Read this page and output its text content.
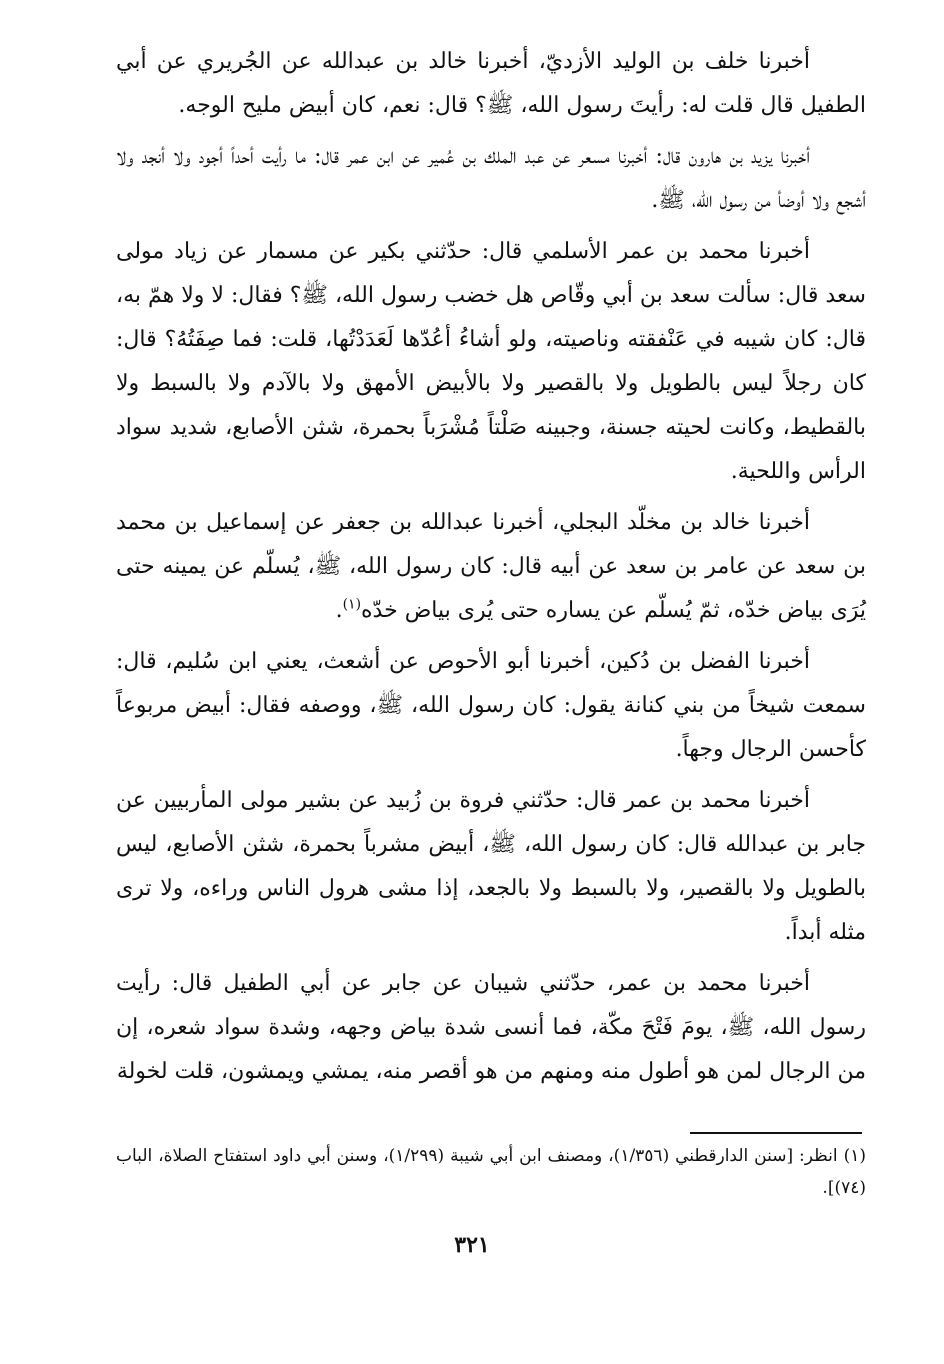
أخبرنا خلف بن الوليد الأزديّ، أخبرنا خالد بن عبدالله عن الجُريري عن أبي الطفيل قال قلت له: رأيتَ رسول الله، ﷺ؟ قال: نعم، كان أبيض مليح الوجه.

أخبرنا يزيد بن هارون قال: أخبرنا مسعر عن عبد الملك بن عُمير عن ابن عمر قال: ما رأيت أحداً أجود ولا أنجد ولا أشجع ولا أوضأ من رسول الله، ﷺ.

أخبرنا محمد بن عمر الأسلمي قال: حدّثني بكير عن مسمار عن زياد مولى سعد قال: سألت سعد بن أبي وقّاص هل خضب رسول الله، ﷺ؟ فقال: لا ولا همّ به، قال: كان شيبه في عَنْفقته وناصيته، ولو أشاءُ أعُدّها لَعَدَدْتُها، قلت: فما صِفَتُهُ؟ قال: كان رجلاً ليس بالطويل ولا بالقصير ولا بالأبيض الأمهق ولا بالآدم ولا بالسبط ولا بالقطيط، وكانت لحيته جسنة، وجبينه صَلْتاً مُشْرَباً بحمرة، شثن الأصابع، شديد سواد الرأس واللحية.

أخبرنا خالد بن مخلّد البجلي، أخبرنا عبدالله بن جعفر عن إسماعيل بن محمد بن سعد عن عامر بن سعد عن أبيه قال: كان رسول الله، ﷺ، يُسلّم عن يمينه حتى يُرَى بياض خدّه، ثمّ يُسلّم عن يساره حتى يُرى بياض خدّه$^{(١)}$.

أخبرنا الفضل بن دُكين، أخبرنا أبو الأحوص عن أشعث، يعني ابن سُليم، قال: سمعت شيخاً من بني كنانة يقول: كان رسول الله، ﷺ، ووصفه فقال: أبيض مربوعاً كأحسن الرجال وجهاً.

أخبرنا محمد بن عمر قال: حدّثني فروة بن زُبيد عن بشير مولى المأربيين عن جابر بن عبدالله قال: كان رسول الله، ﷺ، أبيض مشرباً بحمرة، شثن الأصابع، ليس بالطويل ولا بالقصير، ولا بالسبط ولا بالجعد، إذا مشى هرول الناس وراءه، ولا ترى مثله أبداً.

أخبرنا محمد بن عمر، حدّثني شيبان عن جابر عن أبي الطفيل قال: رأيت رسول الله، ﷺ، يومَ فَتْحَ مكّة، فما أنسى شدة بياض وجهه، وشدة سواد شعره، إن من الرجال لمن هو أطول منه ومنهم من هو أقصر منه، يمشي ويمشون، قلت لخولة

(١)انظر: [سنن الدارقطني (١/٣٥٦)، ومصنف ابن أبي شيبة (١/٢٩٩)، وسنن أبي داود استفتاح الصلاة، الباب (٧٤)].
٣٢١
